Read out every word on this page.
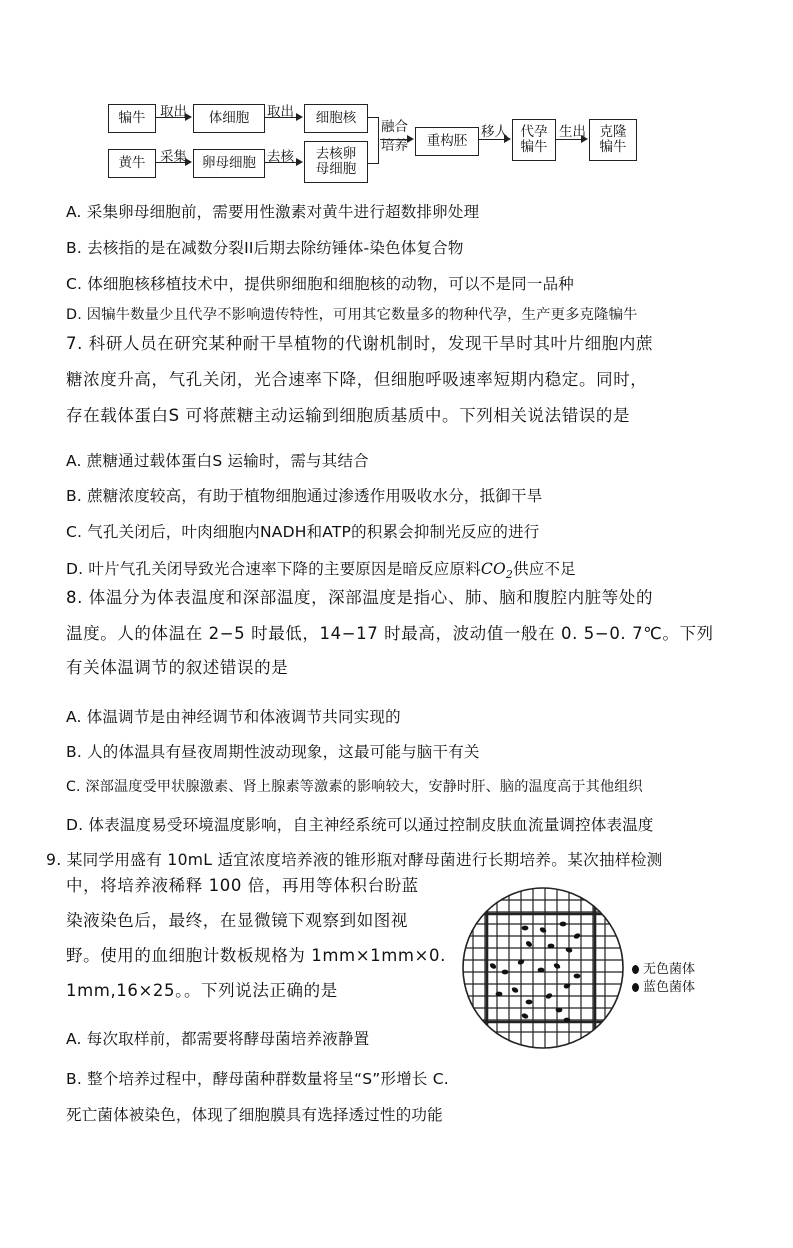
犏牛 取出 体细胞 取出 细胞核
黄牛 采集 卵母细胞 去核 去核卵
母细胞
融合
培养 重构胚
移人 代孕
犏牛
生出 克隆
犏牛
A. 采集卵母细胞前，需要用性激素对黄牛进行超数排卵处理
B. 去核指的是在减数分裂II后期去除纺锤体-染色体复合物
C. 体细胞核移植技术中，提供卵细胞和细胞核的动物，可以不是同一品种
D. 因犏牛数量少且代孕不影响遗传特性，可用其它数量多的物种代孕，生产更多克隆犏牛
7. 科研人员在研究某种耐干旱植物的代谢机制时，发现干旱时其叶片细胞内蔗
糖浓度升高，气孔关闭，光合速率下降，但细胞呼吸速率短期内稳定。同时，
存在载体蛋白S 可将蔗糖主动运输到细胞质基质中。下列相关说法错误的是
A. 蔗糖通过载体蛋白S 运输时，需与其结合
B. 蔗糖浓度较高，有助于植物细胞通过渗透作用吸收水分，抵御干旱
C. 气孔关闭后，叶肉细胞内NADH和ATP的积累会抑制光反应的进行
D. 叶片气孔关闭导致光合速率下降的主要原因是暗反应原料$CO_2$供应不足
8. 体温分为体表温度和深部温度，深部温度是指心、肺、脑和腹腔内脏等处的
温度。人的体温在 2−5 时最低，14−17 时最高，波动值一般在 0. 5−0. 7℃。下列
有关体温调节的叙述错误的是
A. 体温调节是由神经调节和体液调节共同实现的
B. 人的体温具有昼夜周期性波动现象，这最可能与脑干有关
C. 深部温度受甲状腺激素、肾上腺素等激素的影响较大，安静时肝、脑的温度高于其他组织
D. 体表温度易受环境温度影响，自主神经系统可以通过控制皮肤血流量调控体表温度
9. 某同学用盛有 10mL 适宜浓度培养液的锥形瓶对酵母菌进行长期培养。某次抽样检测
中，将培养液稀释 100 倍，再用等体积台盼蓝
染液染色后，最终，在显微镜下观察到如图视
野。使用的血细胞计数板规格为 1mm×1mm×0.
1mm,16×25。。下列说法正确的是
A. 每次取样前，都需要将酵母菌培养液静置
B. 整个培养过程中，酵母菌种群数量将呈“S”形增长 C.
死亡菌体被染色，体现了细胞膜具有选择透过性的功能
无色菌体
蓝色菌体
